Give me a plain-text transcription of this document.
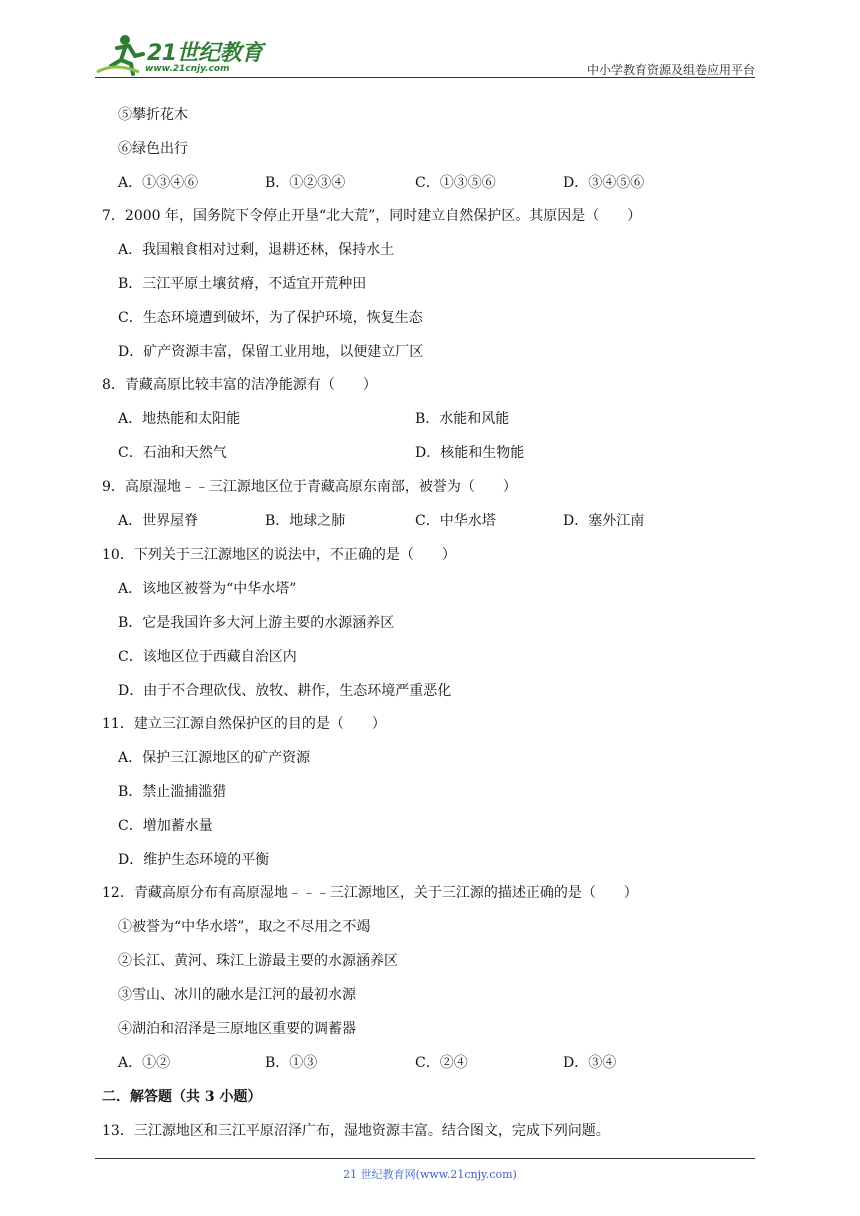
21世纪教育
www.21cnjy.com	中小学教育资源及组卷应用平台
⑤攀折花木
⑥绿色出行
A．①③④⑥	B．①②③④	C．①③⑤⑥	D．③④⑤⑥
7．2000 年，国务院下令停止开垦“北大荒”，同时建立自然保护区。其原因是（　　）
A．我国粮食相对过剩，退耕还林，保持水土
B．三江平原土壤贫瘠，不适宜开荒种田
C．生态环境遭到破坏，为了保护环境，恢复生态
D．矿产资源丰富，保留工业用地，以便建立厂区
8．青藏高原比较丰富的洁净能源有（　　）
A．地热能和太阳能	B．水能和风能
C．石油和天然气	D．核能和生物能
9．高原湿地﹣﹣三江源地区位于青藏高原东南部，被誉为（　　）
A．世界屋脊	B．地球之肺	C．中华水塔	D．塞外江南
10．下列关于三江源地区的说法中，不正确的是（　　）
A．该地区被誉为“中华水塔”
B．它是我国许多大河上游主要的水源涵养区
C．该地区位于西藏自治区内
D．由于不合理砍伐、放牧、耕作，生态环境严重恶化
11．建立三江源自然保护区的目的是（　　）
A．保护三江源地区的矿产资源
B．禁止滥捕滥猎
C．增加蓄水量
D．维护生态环境的平衡
12．青藏高原分布有高原湿地﹣﹣﹣三江源地区，关于三江源的描述正确的是（　　）
①被誉为“中华水塔”，取之不尽用之不竭
②长江、黄河、珠江上游最主要的水源涵养区
③雪山、冰川的融水是江河的最初水源
④湖泊和沼泽是三原地区重要的调蓄器
A．①②	B．①③	C．②④	D．③④
二．解答题（共 3 小题）
13．三江源地区和三江平原沼泽广布，湿地资源丰富。结合图文，完成下列问题。
21 世纪教育网(www.21cnjy.com)
